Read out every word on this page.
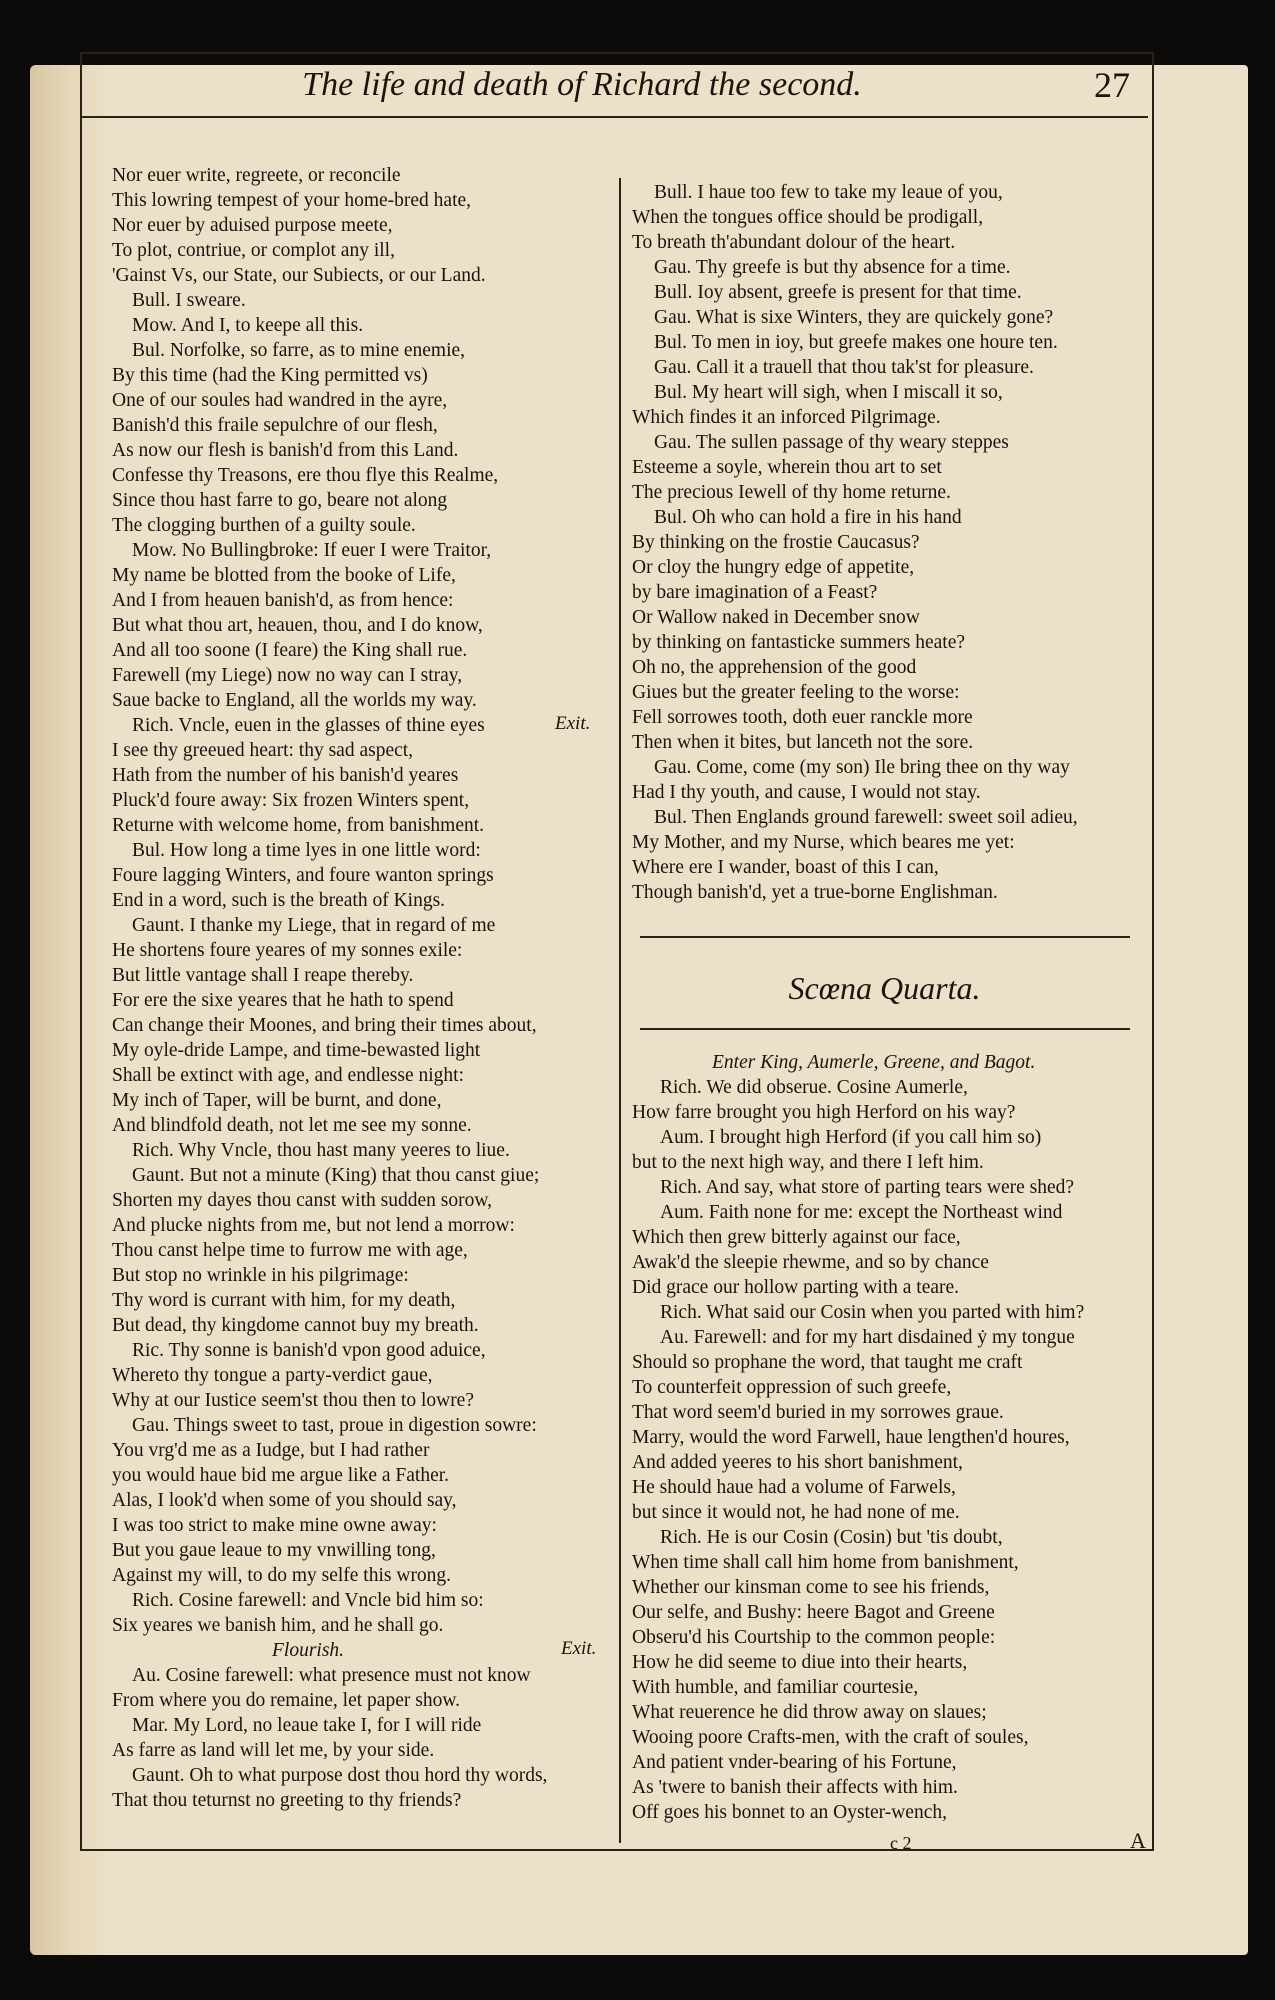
The life and death of Richard the second.	27
Nor euer write, regreete, or reconcile
This lowring tempest of your home-bred hate,
Nor euer by aduised purpose meete,
To plot, contriue, or complot any ill,
'Gainst Vs, our State, our Subiects, or our Land.
Bull. I sweare.
Mow. And I, to keepe all this.
Bul. Norfolke, so farre, as to mine enemie,
By this time (had the King permitted vs)
One of our soules had wandred in the ayre,
Banish'd this fraile sepulchre of our flesh,
As now our flesh is banish'd from this Land.
Confesse thy Treasons, ere thou flye this Realme,
Since thou hast farre to go, beare not along
The clogging burthen of a guilty soule.
Mow. No Bullingbroke: If euer I were Traitor,
My name be blotted from the booke of Life,
And I from heauen banish'd, as from hence:
But what thou art, heauen, thou, and I do know,
And all too soone (I feare) the King shall rue.
Farewell (my Liege) now no way can I stray,
Saue backe to England, all the worlds my way.
Rich. Vncle, euen in the glasses of thine eyes
I see thy greeued heart: thy sad aspect,
Hath from the number of his banish'd yeares
Pluck'd foure away: Six frozen Winters spent,
Returne with welcome home, from banishment.
Bul. How long a time lyes in one little word:
Foure lagging Winters, and foure wanton springs
End in a word, such is the breath of Kings.
Gaunt. I thanke my Liege, that in regard of me
He shortens foure yeares of my sonnes exile:
But little vantage shall I reape thereby.
For ere the sixe yeares that he hath to spend
Can change their Moones, and bring their times about,
My oyle-dride Lampe, and time-bewasted light
Shall be extinct with age, and endlesse night:
My inch of Taper, will be burnt, and done,
And blindfold death, not let me see my sonne.
Rich. Why Vncle, thou hast many yeeres to liue.
Gaunt. But not a minute (King) that thou canst giue;
Shorten my dayes thou canst with sudden sorow,
And plucke nights from me, but not lend a morrow:
Thou canst helpe time to furrow me with age,
But stop no wrinkle in his pilgrimage:
Thy word is currant with him, for my death,
But dead, thy kingdome cannot buy my breath.
Ric. Thy sonne is banish'd vpon good aduice,
Whereto thy tongue a party-verdict gaue,
Why at our Iustice seem'st thou then to lowre?
Gau. Things sweet to tast, proue in digestion sowre:
You vrg'd me as a Iudge, but I had rather
you would haue bid me argue like a Father.
Alas, I look'd when some of you should say,
I was too strict to make mine owne away:
But you gaue leaue to my vnwilling tong,
Against my will, to do my selfe this wrong.
Rich. Cosine farewell: and Vncle bid him so:
Six yeares we banish him, and he shall go.
Flourish.
Au. Cosine farewell: what presence must not know
From where you do remaine, let paper show.
Mar. My Lord, no leaue take I, for I will ride
As farre as land will let me, by your side.
Gaunt. Oh to what purpose dost thou hord thy words,
That thou teturnst no greeting to thy friends?
Exit.
Exit.
Bull. I haue too few to take my leaue of you,
When the tongues office should be prodigall,
To breath th'abundant dolour of the heart.
Gau. Thy greefe is but thy absence for a time.
Bull. Ioy absent, greefe is present for that time.
Gau. What is sixe Winters, they are quickely gone?
Bul. To men in ioy, but greefe makes one houre ten.
Gau. Call it a trauell that thou tak'st for pleasure.
Bul. My heart will sigh, when I miscall it so,
Which findes it an inforced Pilgrimage.
Gau. The sullen passage of thy weary steppes
Esteeme a soyle, wherein thou art to set
The precious Iewell of thy home returne.
Bul. Oh who can hold a fire in his hand
By thinking on the frostie Caucasus?
Or cloy the hungry edge of appetite,
by bare imagination of a Feast?
Or Wallow naked in December snow
by thinking on fantasticke summers heate?
Oh no, the apprehension of the good
Giues but the greater feeling to the worse:
Fell sorrowes tooth, doth euer ranckle more
Then when it bites, but lanceth not the sore.
Gau. Come, come (my son) Ile bring thee on thy way
Had I thy youth, and cause, I would not stay.
Bul. Then Englands ground farewell: sweet soil adieu,
My Mother, and my Nurse, which beares me yet:
Where ere I wander, boast of this I can,
Though banish'd, yet a true-borne Englishman.
Scœna Quarta.
Enter King, Aumerle, Greene, and Bagot.
Rich. We did obserue. Cosine Aumerle,
How farre brought you high Herford on his way?
Aum. I brought high Herford (if you call him so)
but to the next high way, and there I left him.
Rich. And say, what store of parting tears were shed?
Aum. Faith none for me: except the Northeast wind
Which then grew bitterly against our face,
Awak'd the sleepie rhewme, and so by chance
Did grace our hollow parting with a teare.
Rich. What said our Cosin when you parted with him?
Au. Farewell: and for my hart disdained ẏ my tongue
Should so prophane the word, that taught me craft
To counterfeit oppression of such greefe,
That word seem'd buried in my sorrowes graue.
Marry, would the word Farwell, haue lengthen'd houres,
And added yeeres to his short banishment,
He should haue had a volume of Farwels,
but since it would not, he had none of me.
Rich. He is our Cosin (Cosin) but 'tis doubt,
When time shall call him home from banishment,
Whether our kinsman come to see his friends,
Our selfe, and Bushy: heere Bagot and Greene
Obseru'd his Courtship to the common people:
How he did seeme to diue into their hearts,
With humble, and familiar courtesie,
What reuerence he did throw away on slaues;
Wooing poore Crafts-men, with the craft of soules,
And patient vnder-bearing of his Fortune,
As 'twere to banish their affects with him.
Off goes his bonnet to an Oyster-wench,
c 2	A
